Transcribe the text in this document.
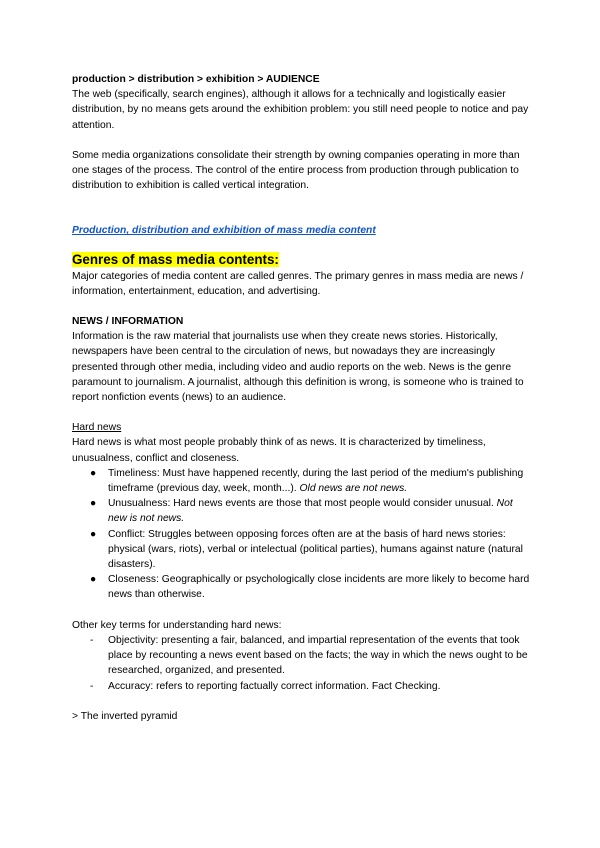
production > distribution > exhibition > AUDIENCE

The web (specifically, search engines), although it allows for a technically and logistically easier distribution, by no means gets around the exhibition problem: you still need people to notice and pay attention.

Some media organizations consolidate their strength by owning companies operating in more than one stages of the process. The control of the entire process from production through publication to distribution to exhibition is called vertical integration.

Production, distribution and exhibition of mass media content

Genres of mass media contents:

Major categories of media content are called genres. The primary genres in mass media are news / information, entertainment, education, and advertising.

NEWS / INFORMATION

Information is the raw material that journalists use when they create news stories. Historically, newspapers have been central to the circulation of news, but nowadays they are increasingly presented through other media, including video and audio reports on the web. News is the genre paramount to journalism. A journalist, although this definition is wrong, is someone who is trained to report nonfiction events (news) to an audience.

Hard news

Hard news is what most people probably think of as news. It is characterized by timeliness, unusualness, conflict and closeness.

● Timeliness: Must have happened recently, during the last period of the medium's publishing timeframe (previous day, week, month...). Old news are not news.
● Unusualness: Hard news events are those that most people would consider unusual. Not new is not news.
● Conflict: Struggles between opposing forces often are at the basis of hard news stories: physical (wars, riots), verbal or intelectual (political parties), humans against nature (natural disasters).
● Closeness: Geographically or psychologically close incidents are more likely to become hard news than otherwise.

Other key terms for understanding hard news:

- Objectivity: presenting a fair, balanced, and impartial representation of the events that took place by recounting a news event based on the facts; the way in which the news ought to be researched, organized, and presented.
- Accuracy: refers to reporting factually correct information. Fact Checking.

> The inverted pyramid
